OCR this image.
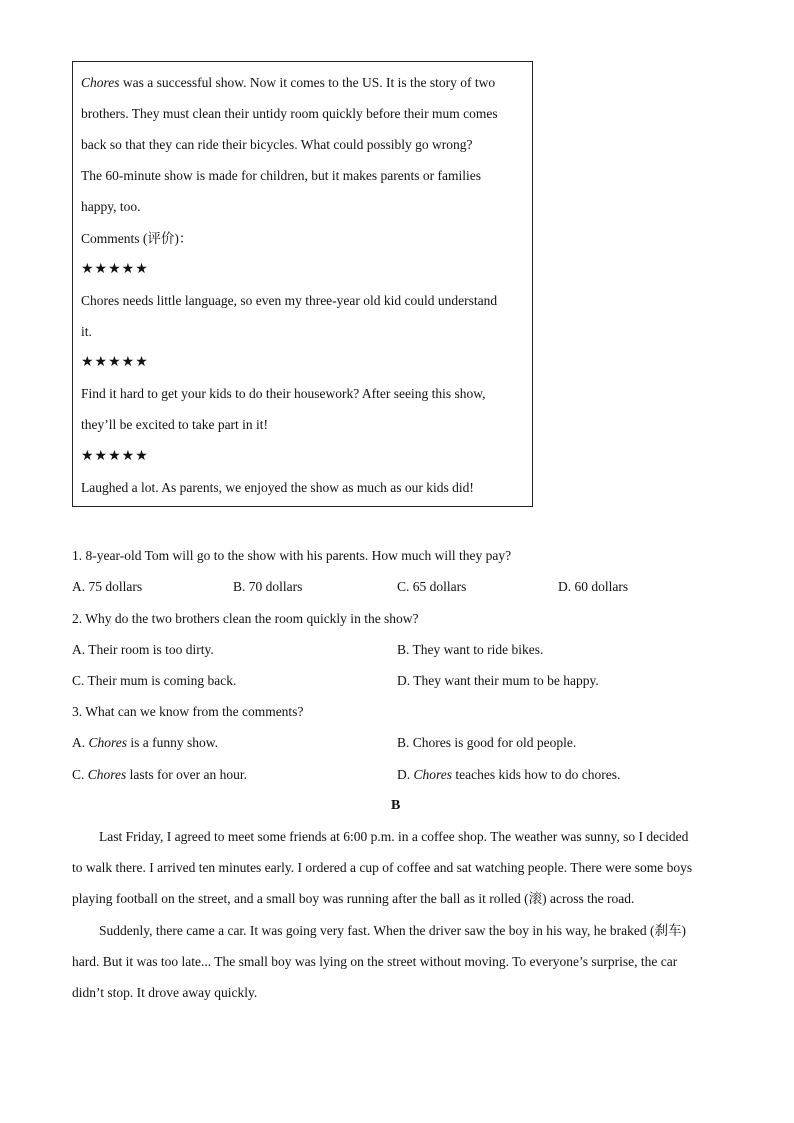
Chores was a successful show. Now it comes to the US. It is the story of two
brothers. They must clean their untidy room quickly before their mum comes
back so that they can ride their bicycles. What could possibly go wrong?
The 60-minute show is made for children, but it makes parents or families
happy, too.
Comments (评价)：
★★★★★
Chores needs little language, so even my three-year old kid could understand
it.
★★★★★
Find it hard to get your kids to do their housework? After seeing this show,
they’ll be excited to take part in it!
★★★★★
Laughed a lot. As parents, we enjoyed the show as much as our kids did!
1. 8-year-old Tom will go to the show with his parents. How much will they pay?
A. 75 dollars	B. 70 dollars	C. 65 dollars	D. 60 dollars
2. Why do the two brothers clean the room quickly in the show?
A. Their room is too dirty.	B. They want to ride bikes.
C. Their mum is coming back.	D. They want their mum to be happy.
3. What can we know from the comments?
A. Chores is a funny show.	B. Chores is good for old people.
C. Chores lasts for over an hour.	D. Chores teaches kids how to do chores.
B
Last Friday, I agreed to meet some friends at 6:00 p.m. in a coffee shop. The weather was sunny, so I decided
to walk there. I arrived ten minutes early. I ordered a cup of coffee and sat watching people. There were some boys
playing football on the street, and a small boy was running after the ball as it rolled (滚) across the road.
Suddenly, there came a car. It was going very fast. When the driver saw the boy in his way, he braked (刹车)
hard. But it was too late... The small boy was lying on the street without moving. To everyone’s surprise, the car
didn’t stop. It drove away quickly.
